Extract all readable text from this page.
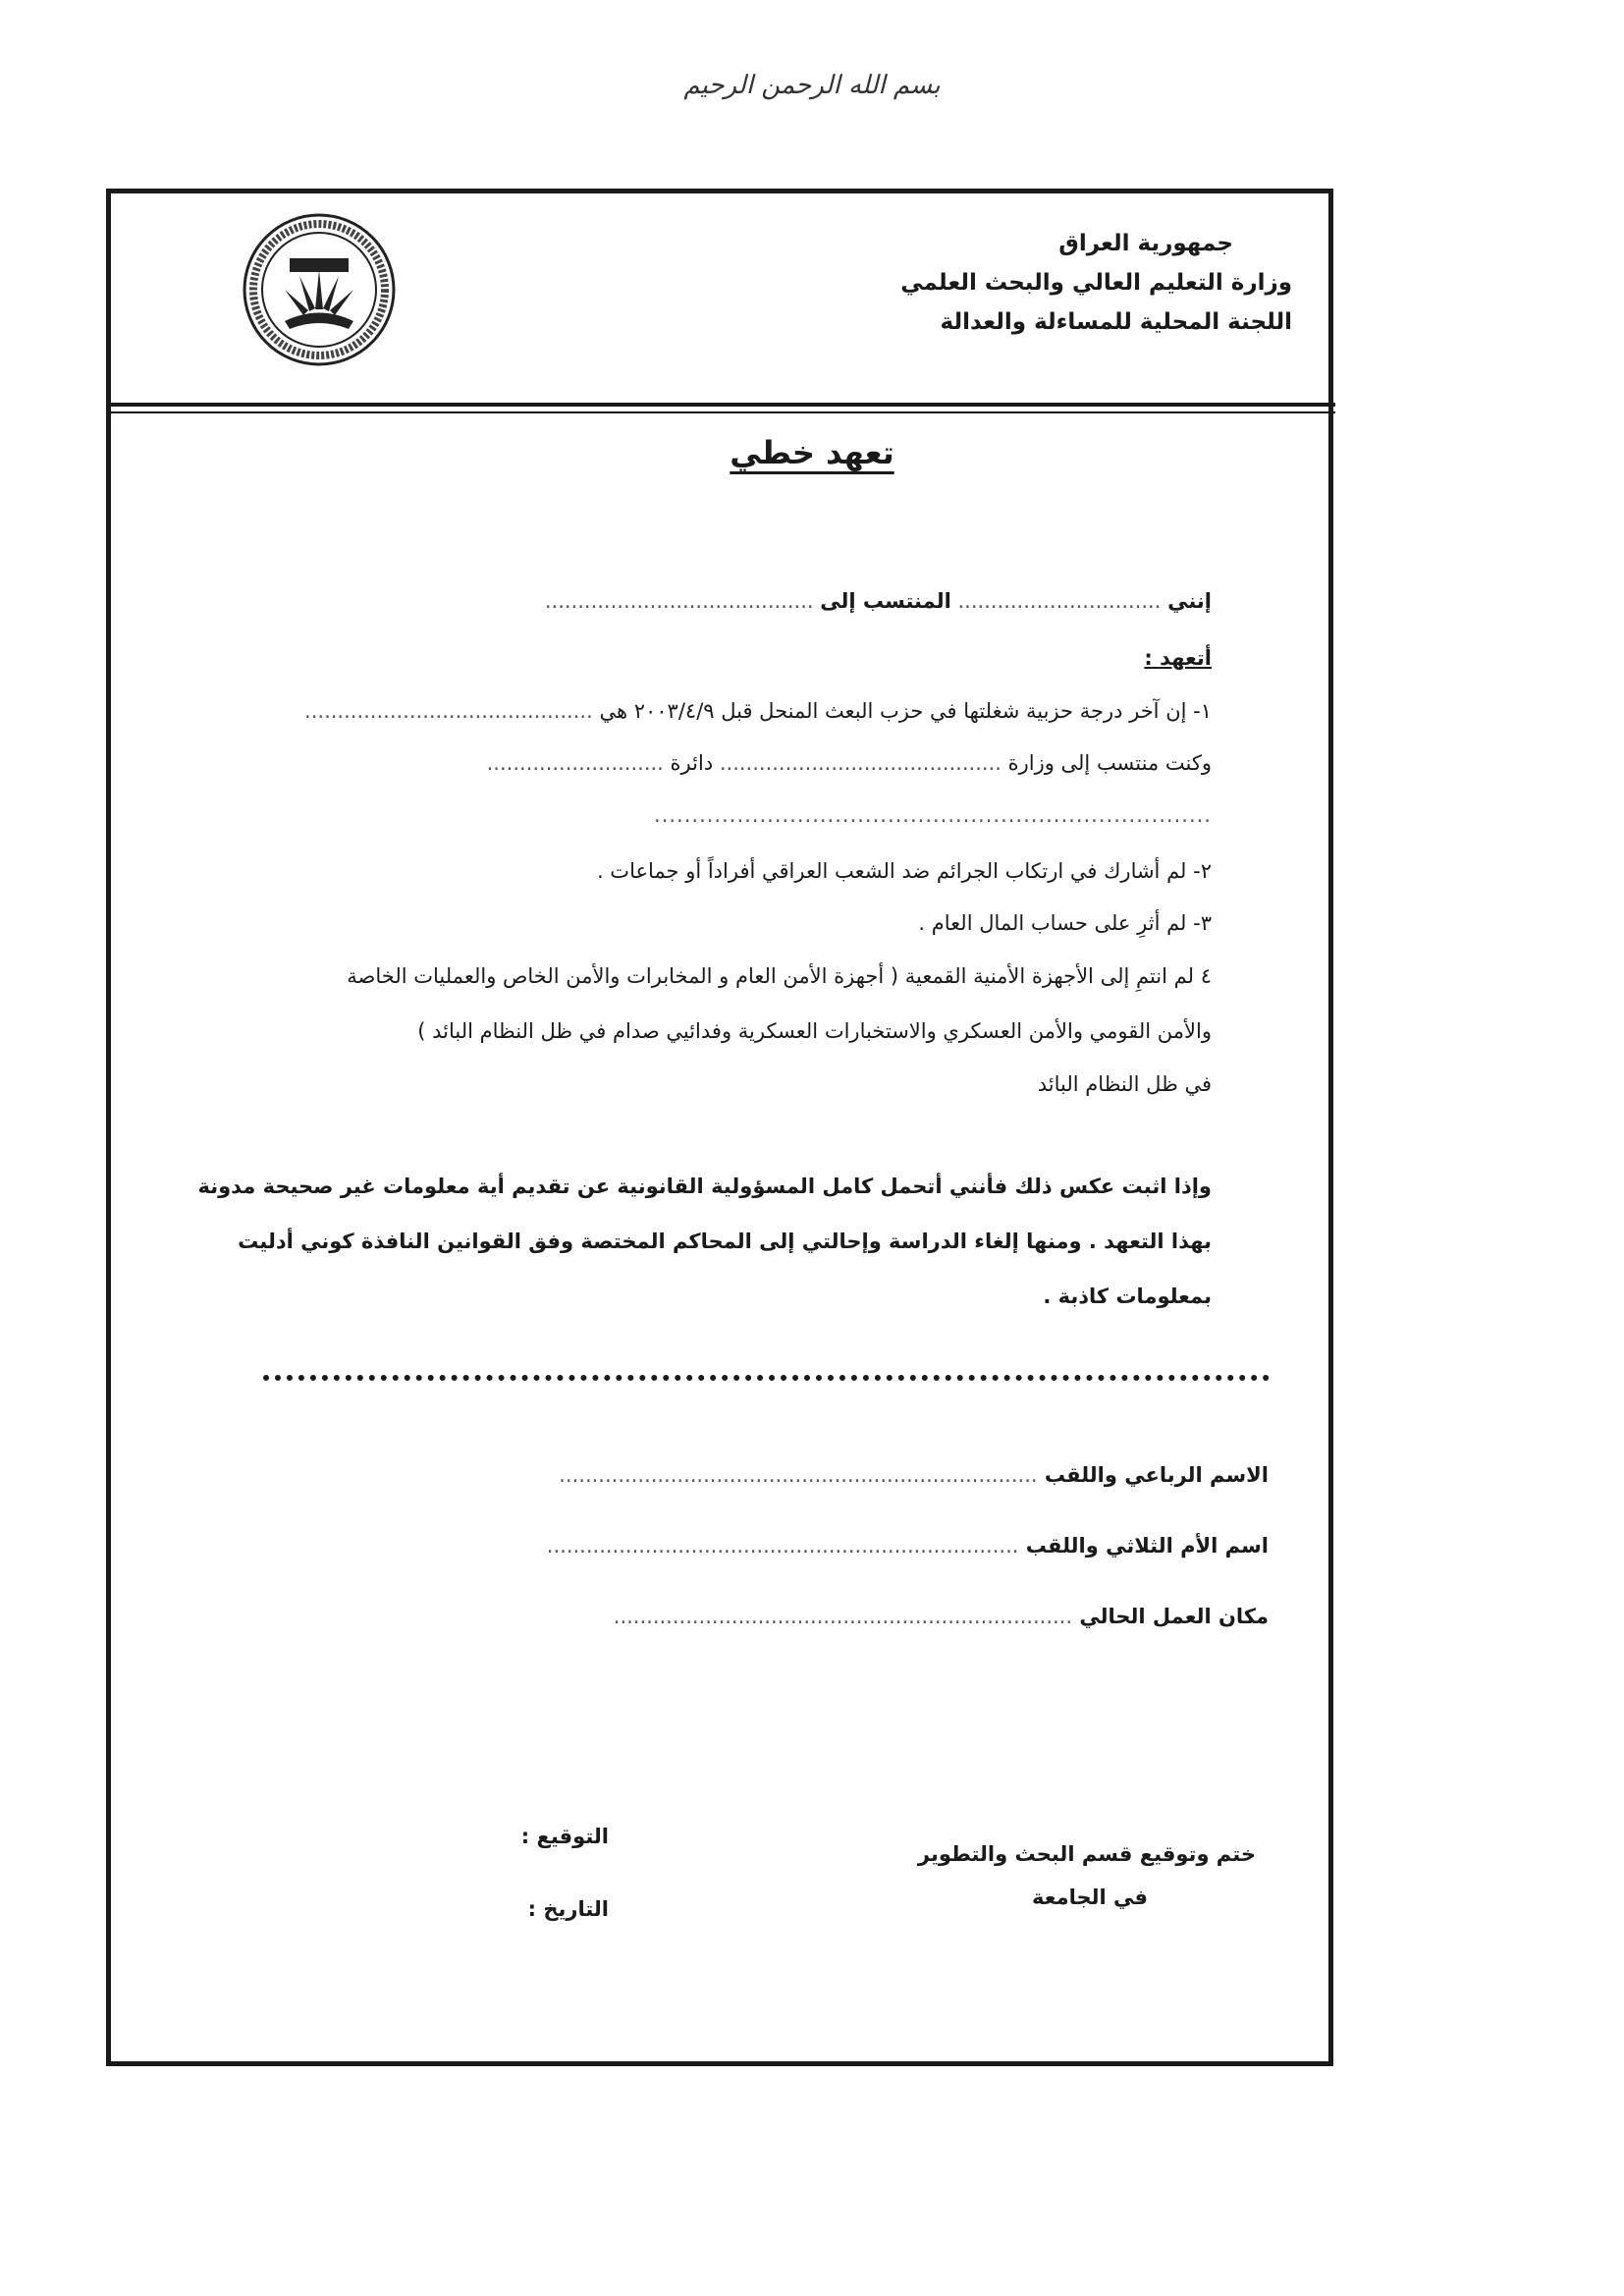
بسم الله الرحمن الرحيم
جمهورية العراق
وزارة التعليم العالي والبحث العلمي
اللجنة المحلية للمساءلة والعدالة
تعهد خطي
إنني ............................... المنتسب إلى .........................................
أتعهد :
١- إن آخر درجة حزبية شغلتها في حزب البعث المنحل قبل ٢٠٠٣/٤/٩ هي ............................................
وكنت منتسب إلى وزارة ........................................... دائرة ...........................
..........................................................................
٢- لم أشارك في ارتكاب الجرائم ضد الشعب العراقي أفراداً أو جماعات .
٣- لم أثرِ على حساب المال العام .
٤ لم انتمِ إلى الأجهزة الأمنية القمعية ( أجهزة الأمن العام و المخابرات والأمن الخاص والعمليات الخاصة
والأمن القومي والأمن العسكري والاستخبارات العسكرية وفدائيي صدام في ظل النظام البائد )
في ظل النظام البائد
وإذا اثبت عكس ذلك فأنني أتحمل كامل المسؤولية القانونية عن تقديم أية معلومات غير صحيحة مدونة بهذا التعهد . ومنها إلغاء الدراسة وإحالتي إلى المحاكم المختصة وفق القوانين النافذة كوني أدليت بمعلومات كاذبة .
الاسم الرباعي واللقب .........................................................................
اسم الأم الثلاثي واللقب ........................................................................
مكان العمل الحالي ......................................................................
التوقيع :
التاريخ :
ختم وتوقيع قسم البحث والتطوير
في الجامعة
